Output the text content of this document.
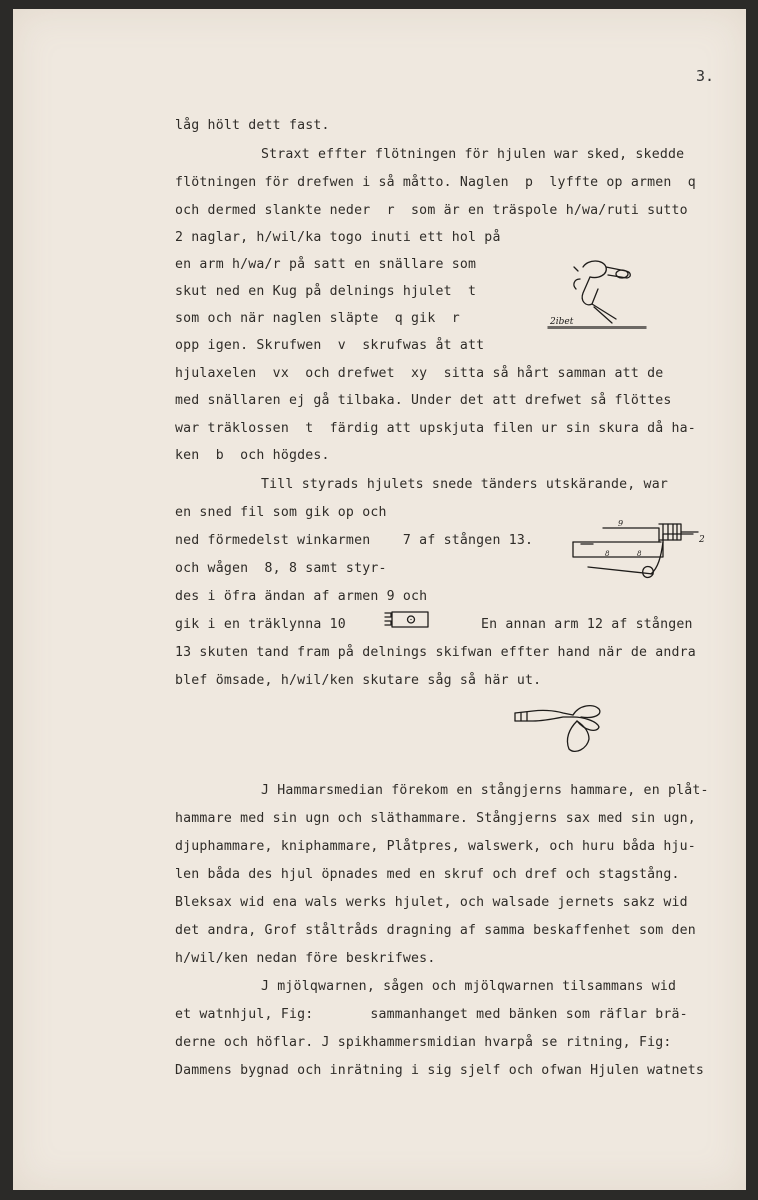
3.
låg hölt dett fast.
Straxt effter flötningen för hjulen war sked, skedde
flötningen för drefwen i så måtto. Naglen  p  lyffte op armen  q
och dermed slankte neder  r  som är en träspole h/wa/ruti sutto
2 naglar, h/wil/ka togo inuti ett hol på
en arm h/wa/r på satt en snällare som
skut ned en Kug på delnings hjulet  t
som och när naglen släpte  q gik  r
opp igen. Skrufwen  v  skrufwas åt att
hjulaxelen  vx  och drefwet  xy  sitta så hårt samman att de
med snällaren ej gå tilbaka. Under det att drefwet så flöttes
war träklossen  t  färdig att upskjuta filen ur sin skura då ha-
ken  b  och högdes.
Till styrads hjulets snede tänders utskärande, war
en sned fil som gik op och
ned förmedelst winkarmen    7 af stången 13.
och wågen  8, 8 samt styr-
des i öfra ändan af armen 9 och
gik i en träklynna 10	En annan arm 12 af stången
13 skuten tand fram på delnings skifwan effter hand när de andra
blef ömsade, h/wil/ken skutare såg så här ut.
J Hammarsmedian förekom en stångjerns hammare, en plåt-
hammare med sin ugn och släthammare. Stångjerns sax med sin ugn,
djuphammare, kniphammare, Plåtpres, walswerk, och huru båda hju-
len båda des hjul öpnades med en skruf och dref och stagstång.
Bleksax wid ena wals werks hjulet, och walsade jernets sakz wid
det andra, Grof ståltråds dragning af samma beskaffenhet som den
h/wil/ken nedan före beskrifwes.
J mjölqwarnen, sågen och mjölqwarnen tilsammans wid
et watnhjul, Fig:       sammanhanget med bänken som räflar brä-
derne och höflar. J spikhammersmidian hvarpå se ritning, Fig:
Dammens bygnad och inrätning i sig sjelf och ofwan Hjulen watnets
2ibet
9
8	8
2
